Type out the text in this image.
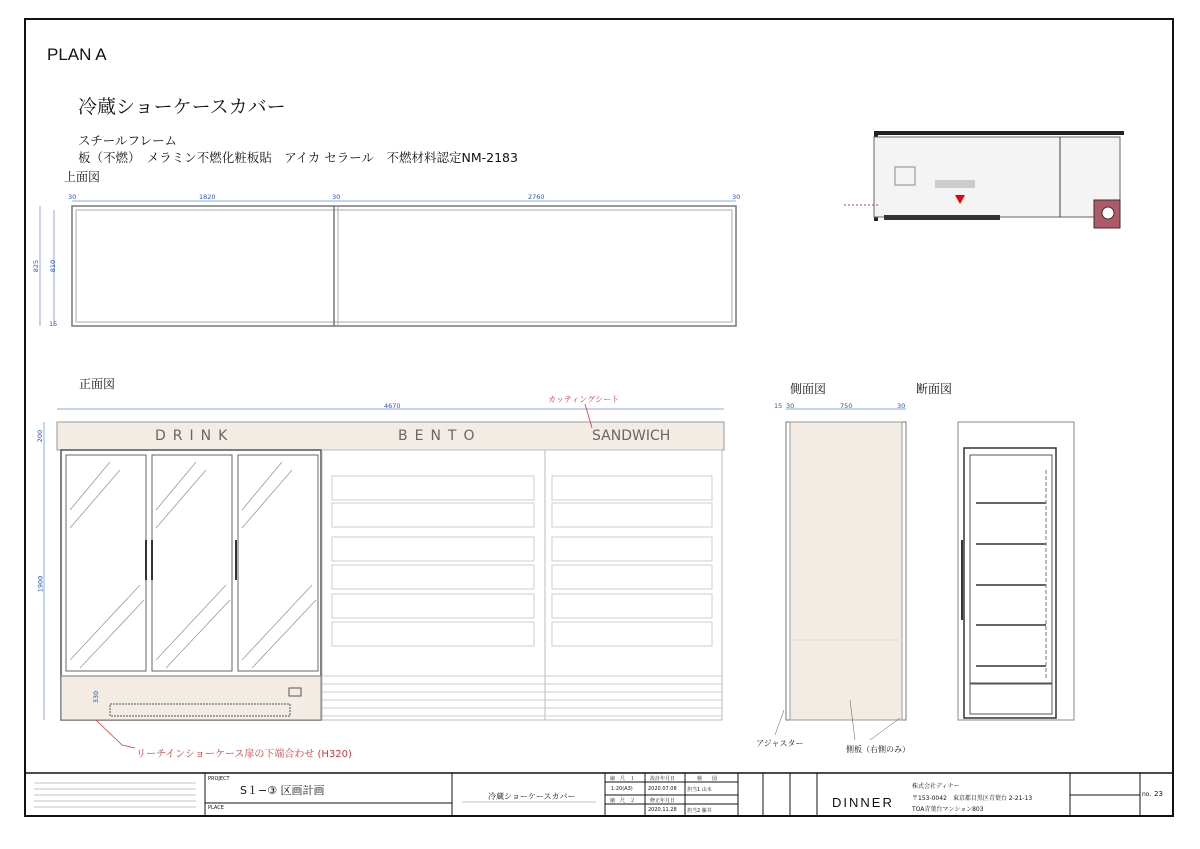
PLAN A
冷蔵ショーケースカバー
スチールフレーム
板（不燃）　メラミン不燃化粧板貼　アイカ セラール　不燃材料認定NM-2183
上面図
正面図	側面図	断面図
30	1820	30	2760	30
825 810
15
4670
200
1900
330
DRINK	BENTO	SANDWICH
カッティングシート
リーチインショーケース扉の下端合わせ (H320)
15 30	750	30
アジャスター
側板（右側のみ）
PROJECT
S１−③ 区画計画
PLACE
冷蔵ショーケースカバー
縮　尺　１
1:20(A3)
縮　尺　２
設計年月日
2020.07.08
修正年月日
2020.11.28
検　　図
担当1 山本
担当2 藤井
DINNER
株式会社ディナー
〒153-0042　東京都目黒区青葉台 2-21-13
TOA青葉台マンション803
no. 23
